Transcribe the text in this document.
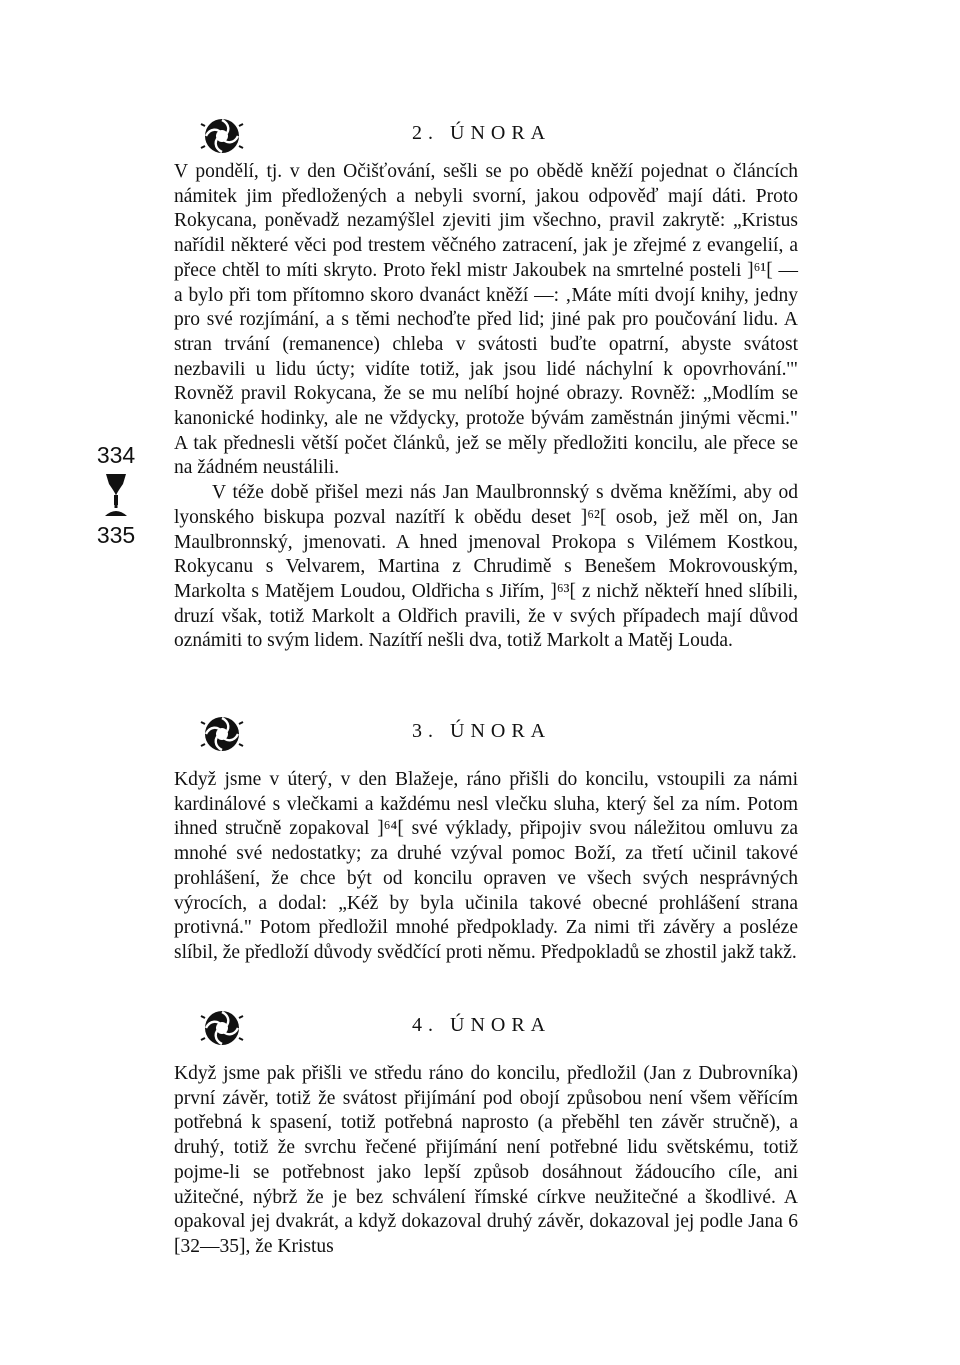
2. ÚNORA

V pondělí, tj. v den Očišťování, sešli se po obědě kněží pojednat o článcích námitek jim předložených a nebyli svorní, jakou odpověď mají dáti. Proto Rokycana, poněvadž nezamýšlel zjeviti jim všechno, pravil zakrytě: „Kristus nařídil některé věci pod trestem věčného zatracení, jak je zřejmé z evangelií, a přece chtěl to míti skryto. Proto řekl mistr Jakoubek na smrtelné posteli ]⁶¹[ — a bylo při tom přítomno skoro dvanáct kněží —: ‚Máte míti dvojí knihy, jedny pro své rozjímání, a s těmi nechoďte před lid; jiné pak pro poučování lidu. A stran trvání (remanence) chleba v svátosti buďte opatrní, abyste svátost nezbavili u lidu úcty; vidíte totiž, jak jsou lidé náchylní k opovrhování.'" Rovněž pravil Rokycana, že se mu nelíbí hojné obrazy. Rovněž: „Modlím se kanonické hodinky, ale ne vždycky, protože bývám zaměstnán jinými věcmi." A tak přednesli větší počet článků, jež se měly předložiti koncilu, ale přece se na žádném neustálili.

V téže době přišel mezi nás Jan Maulbronnský s dvěma kněžími, aby od lyonského biskupa pozval nazítří k obědu deset ]⁶²[ osob, jež měl on, Jan Maulbronnský, jmenovati. A hned jmenoval Prokopa s Vilémem Kostkou, Rokycanu s Velvarem, Martina z Chrudimě s Benešem Mokrovouským, Markolta s Matějem Loudou, Oldřicha s Jiřím, ]⁶³[ z nichž někteří hned slíbili, druzí však, totiž Markolt a Oldřich pravili, že v svých případech mají důvod oznámiti to svým lidem. Nazítří nešli dva, totiž Markolt a Matěj Louda.

334
335
3. ÚNORA

Když jsme v úterý, v den Blažeje, ráno přišli do koncilu, vstoupili za námi kardinálové s vlečkami a každému nesl vlečku sluha, který šel za ním. Potom ihned stručně zopakoval ]⁶⁴[ své výklady, připojiv svou náležitou omluvu za mnohé své nedostatky; za druhé vzýval pomoc Boží, za třetí učinil takové prohlášení, že chce být od koncilu opraven ve všech svých nesprávných výrocích, a dodal: „Kéž by byla učinila takové obecné prohlášení strana protivná." Potom předložil mnohé předpoklady. Za nimi tři závěry a posléze slíbil, že předloží důvody svědčící proti němu. Předpokladů se zhostil jakž takž.

4. ÚNORA

Když jsme pak přišli ve středu ráno do koncilu, předložil (Jan z Dubrovníka) první závěr, totiž že svátost přijímání pod obojí způsobou není všem věřícím potřebná k spasení, totiž potřebná naprosto (a přeběhl ten závěr stručně), a druhý, totiž že svrchu řečené přijímání není potřebné lidu světskému, totiž pojme-li se potřebnost jako lepší způsob dosáhnout žádoucího cíle, ani užitečné, nýbrž že je bez schválení římské církve neužitečné a škodlivé. A opakoval jej dvakrát, a když dokazoval druhý závěr, dokazoval jej podle Jana 6 [32—35], že Kristus
